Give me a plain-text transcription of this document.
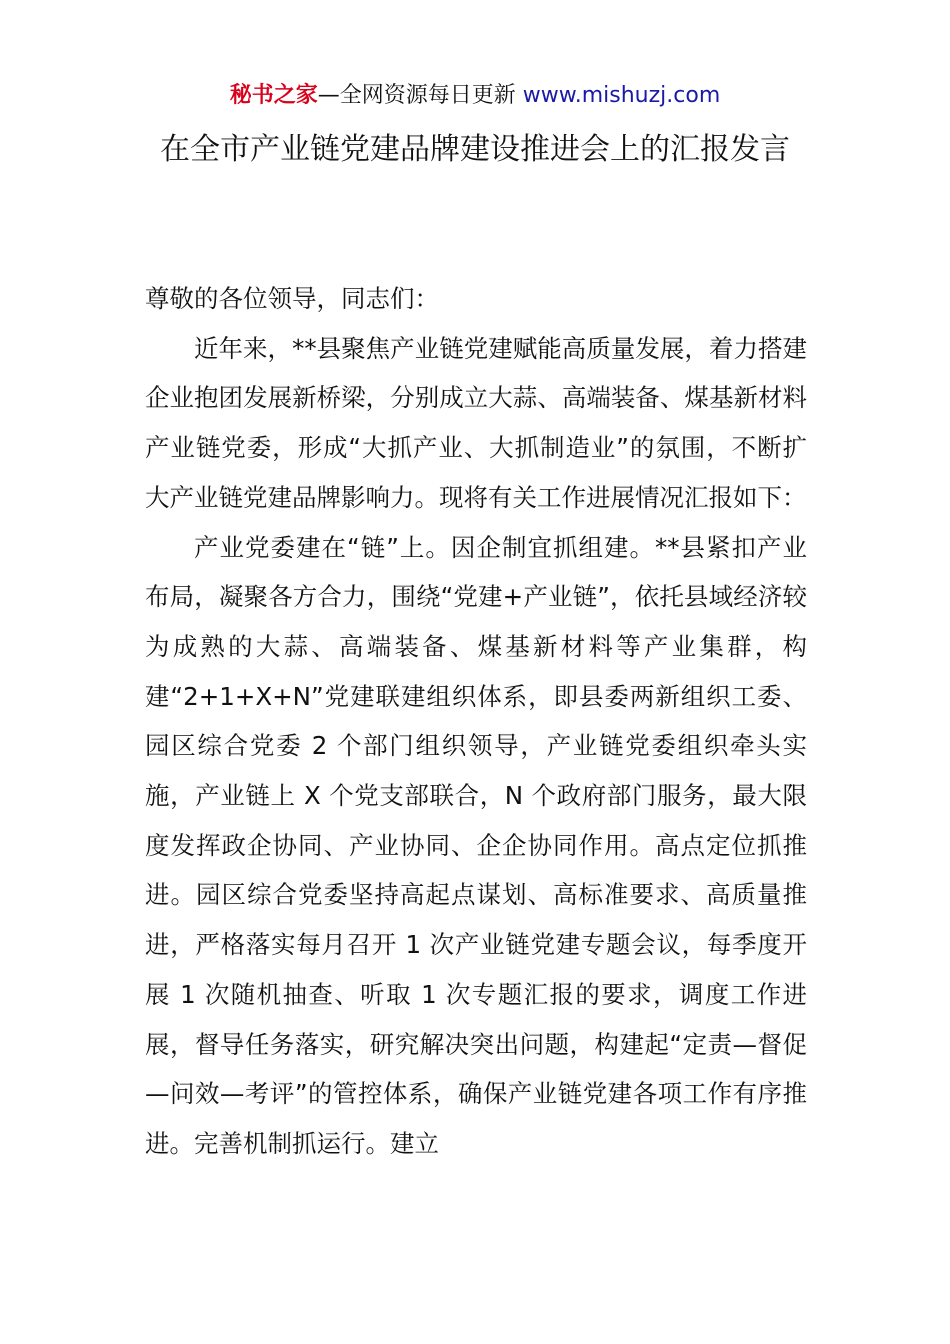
秘书之家—全网资源每日更新 www.mishuzj.com
在全市产业链党建品牌建设推进会上的汇报发言

尊敬的各位领导，同志们：

近年来，**县聚焦产业链党建赋能高质量发展，着力搭建企业抱团发展新桥梁，分别成立大蒜、高端装备、煤基新材料产业链党委，形成“大抓产业、大抓制造业”的氛围，不断扩大产业链党建品牌影响力。现将有关工作进展情况汇报如下：

产业党委建在“链”上。因企制宜抓组建。**县紧扣产业布局，凝聚各方合力，围绕“党建+产业链”，依托县域经济较为成熟的大蒜、高端装备、煤基新材料等产业集群，构建“2+1+X+N”党建联建组织体系，即县委两新组织工委、园区综合党委 2 个部门组织领导，产业链党委组织牵头实施，产业链上 X 个党支部联合，N 个政府部门服务，最大限度发挥政企协同、产业协同、企企协同作用。高点定位抓推进。园区综合党委坚持高起点谋划、高标准要求、高质量推进，严格落实每月召开 1 次产业链党建专题会议，每季度开展 1 次随机抽查、听取 1 次专题汇报的要求，调度工作进展，督导任务落实，研究解决突出问题，构建起“定责—督促—问效—考评”的管控体系，确保产业链党建各项工作有序推进。完善机制抓运行。建立
